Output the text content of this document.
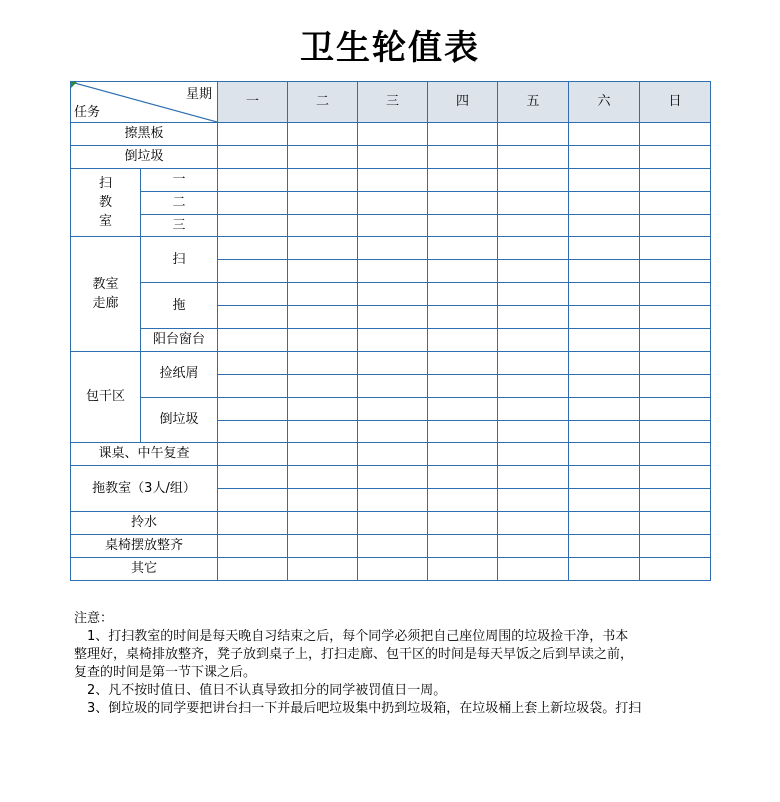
卫生轮值表
星期
任务		一	二	三	四	五	六	日
擦黑板								
倒垃圾								
扫
教
室	一							
	二							
	三							
教室
走廊	扫							

	拖							

	阳台窗台							
包干区	捡纸屑							

	倒垃圾							

课桌、中午复查								
拖教室（3人/组）								

拎水								
桌椅摆放整齐								
其它								
注意：
　1、打扫教室的时间是每天晚自习结束之后，每个同学必须把自己座位周围的垃圾捡干净，书本
整理好，桌椅排放整齐，凳子放到桌子上，打扫走廊、包干区的时间是每天早饭之后到早读之前，
复查的时间是第一节下课之后。
　2、凡不按时值日、值日不认真导致扣分的同学被罚值日一周。
　3、倒垃圾的同学要把讲台扫一下并最后吧垃圾集中扔到垃圾箱，在垃圾桶上套上新垃圾袋。打扫
